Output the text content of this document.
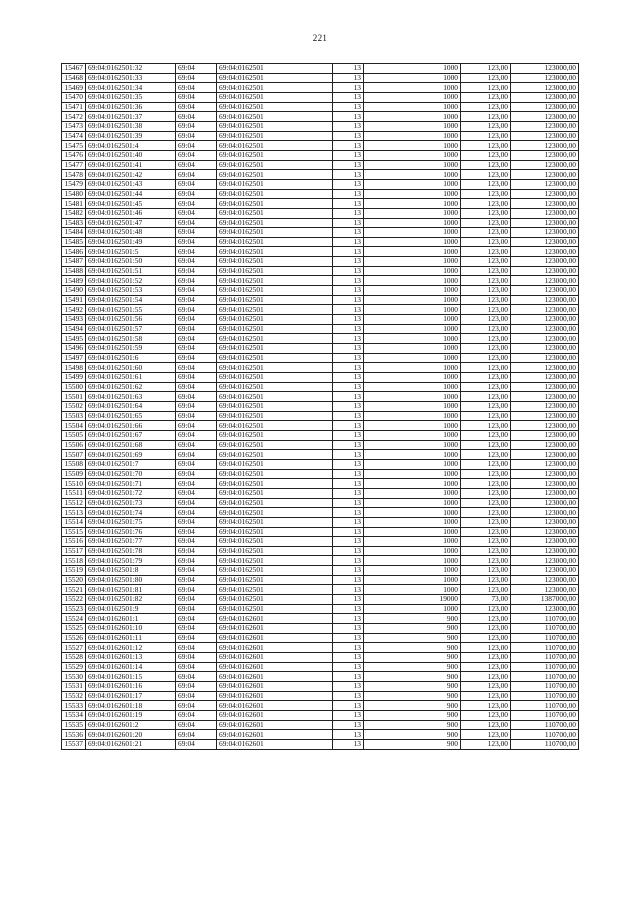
221
15467	69:04:0162501:32	69:04	69:04:0162501	13	1000	123,00	123000,00
15468	69:04:0162501:33	69:04	69:04:0162501	13	1000	123,00	123000,00
15469	69:04:0162501:34	69:04	69:04:0162501	13	1000	123,00	123000,00
15470	69:04:0162501:35	69:04	69:04:0162501	13	1000	123,00	123000,00
15471	69:04:0162501:36	69:04	69:04:0162501	13	1000	123,00	123000,00
15472	69:04:0162501:37	69:04	69:04:0162501	13	1000	123,00	123000,00
15473	69:04:0162501:38	69:04	69:04:0162501	13	1000	123,00	123000,00
15474	69:04:0162501:39	69:04	69:04:0162501	13	1000	123,00	123000,00
15475	69:04:0162501:4	69:04	69:04:0162501	13	1000	123,00	123000,00
15476	69:04:0162501:40	69:04	69:04:0162501	13	1000	123,00	123000,00
15477	69:04:0162501:41	69:04	69:04:0162501	13	1000	123,00	123000,00
15478	69:04:0162501:42	69:04	69:04:0162501	13	1000	123,00	123000,00
15479	69:04:0162501:43	69:04	69:04:0162501	13	1000	123,00	123000,00
15480	69:04:0162501:44	69:04	69:04:0162501	13	1000	123,00	123000,00
15481	69:04:0162501:45	69:04	69:04:0162501	13	1000	123,00	123000,00
15482	69:04:0162501:46	69:04	69:04:0162501	13	1000	123,00	123000,00
15483	69:04:0162501:47	69:04	69:04:0162501	13	1000	123,00	123000,00
15484	69:04:0162501:48	69:04	69:04:0162501	13	1000	123,00	123000,00
15485	69:04:0162501:49	69:04	69:04:0162501	13	1000	123,00	123000,00
15486	69:04:0162501:5	69:04	69:04:0162501	13	1000	123,00	123000,00
15487	69:04:0162501:50	69:04	69:04:0162501	13	1000	123,00	123000,00
15488	69:04:0162501:51	69:04	69:04:0162501	13	1000	123,00	123000,00
15489	69:04:0162501:52	69:04	69:04:0162501	13	1000	123,00	123000,00
15490	69:04:0162501:53	69:04	69:04:0162501	13	1000	123,00	123000,00
15491	69:04:0162501:54	69:04	69:04:0162501	13	1000	123,00	123000,00
15492	69:04:0162501:55	69:04	69:04:0162501	13	1000	123,00	123000,00
15493	69:04:0162501:56	69:04	69:04:0162501	13	1000	123,00	123000,00
15494	69:04:0162501:57	69:04	69:04:0162501	13	1000	123,00	123000,00
15495	69:04:0162501:58	69:04	69:04:0162501	13	1000	123,00	123000,00
15496	69:04:0162501:59	69:04	69:04:0162501	13	1000	123,00	123000,00
15497	69:04:0162501:6	69:04	69:04:0162501	13	1000	123,00	123000,00
15498	69:04:0162501:60	69:04	69:04:0162501	13	1000	123,00	123000,00
15499	69:04:0162501:61	69:04	69:04:0162501	13	1000	123,00	123000,00
15500	69:04:0162501:62	69:04	69:04:0162501	13	1000	123,00	123000,00
15501	69:04:0162501:63	69:04	69:04:0162501	13	1000	123,00	123000,00
15502	69:04:0162501:64	69:04	69:04:0162501	13	1000	123,00	123000,00
15503	69:04:0162501:65	69:04	69:04:0162501	13	1000	123,00	123000,00
15504	69:04:0162501:66	69:04	69:04:0162501	13	1000	123,00	123000,00
15505	69:04:0162501:67	69:04	69:04:0162501	13	1000	123,00	123000,00
15506	69:04:0162501:68	69:04	69:04:0162501	13	1000	123,00	123000,00
15507	69:04:0162501:69	69:04	69:04:0162501	13	1000	123,00	123000,00
15508	69:04:0162501:7	69:04	69:04:0162501	13	1000	123,00	123000,00
15509	69:04:0162501:70	69:04	69:04:0162501	13	1000	123,00	123000,00
15510	69:04:0162501:71	69:04	69:04:0162501	13	1000	123,00	123000,00
15511	69:04:0162501:72	69:04	69:04:0162501	13	1000	123,00	123000,00
15512	69:04:0162501:73	69:04	69:04:0162501	13	1000	123,00	123000,00
15513	69:04:0162501:74	69:04	69:04:0162501	13	1000	123,00	123000,00
15514	69:04:0162501:75	69:04	69:04:0162501	13	1000	123,00	123000,00
15515	69:04:0162501:76	69:04	69:04:0162501	13	1000	123,00	123000,00
15516	69:04:0162501:77	69:04	69:04:0162501	13	1000	123,00	123000,00
15517	69:04:0162501:78	69:04	69:04:0162501	13	1000	123,00	123000,00
15518	69:04:0162501:79	69:04	69:04:0162501	13	1000	123,00	123000,00
15519	69:04:0162501:8	69:04	69:04:0162501	13	1000	123,00	123000,00
15520	69:04:0162501:80	69:04	69:04:0162501	13	1000	123,00	123000,00
15521	69:04:0162501:81	69:04	69:04:0162501	13	1000	123,00	123000,00
15522	69:04:0162501:82	69:04	69:04:0162501	13	19000	73,00	1387000,00
15523	69:04:0162501:9	69:04	69:04:0162501	13	1000	123,00	123000,00
15524	69:04:0162601:1	69:04	69:04:0162601	13	900	123,00	110700,00
15525	69:04:0162601:10	69:04	69:04:0162601	13	900	123,00	110700,00
15526	69:04:0162601:11	69:04	69:04:0162601	13	900	123,00	110700,00
15527	69:04:0162601:12	69:04	69:04:0162601	13	900	123,00	110700,00
15528	69:04:0162601:13	69:04	69:04:0162601	13	900	123,00	110700,00
15529	69:04:0162601:14	69:04	69:04:0162601	13	900	123,00	110700,00
15530	69:04:0162601:15	69:04	69:04:0162601	13	900	123,00	110700,00
15531	69:04:0162601:16	69:04	69:04:0162601	13	900	123,00	110700,00
15532	69:04:0162601:17	69:04	69:04:0162601	13	900	123,00	110700,00
15533	69:04:0162601:18	69:04	69:04:0162601	13	900	123,00	110700,00
15534	69:04:0162601:19	69:04	69:04:0162601	13	900	123,00	110700,00
15535	69:04:0162601:2	69:04	69:04:0162601	13	900	123,00	110700,00
15536	69:04:0162601:20	69:04	69:04:0162601	13	900	123,00	110700,00
15537	69:04:0162601:21	69:04	69:04:0162601	13	900	123,00	110700,00
